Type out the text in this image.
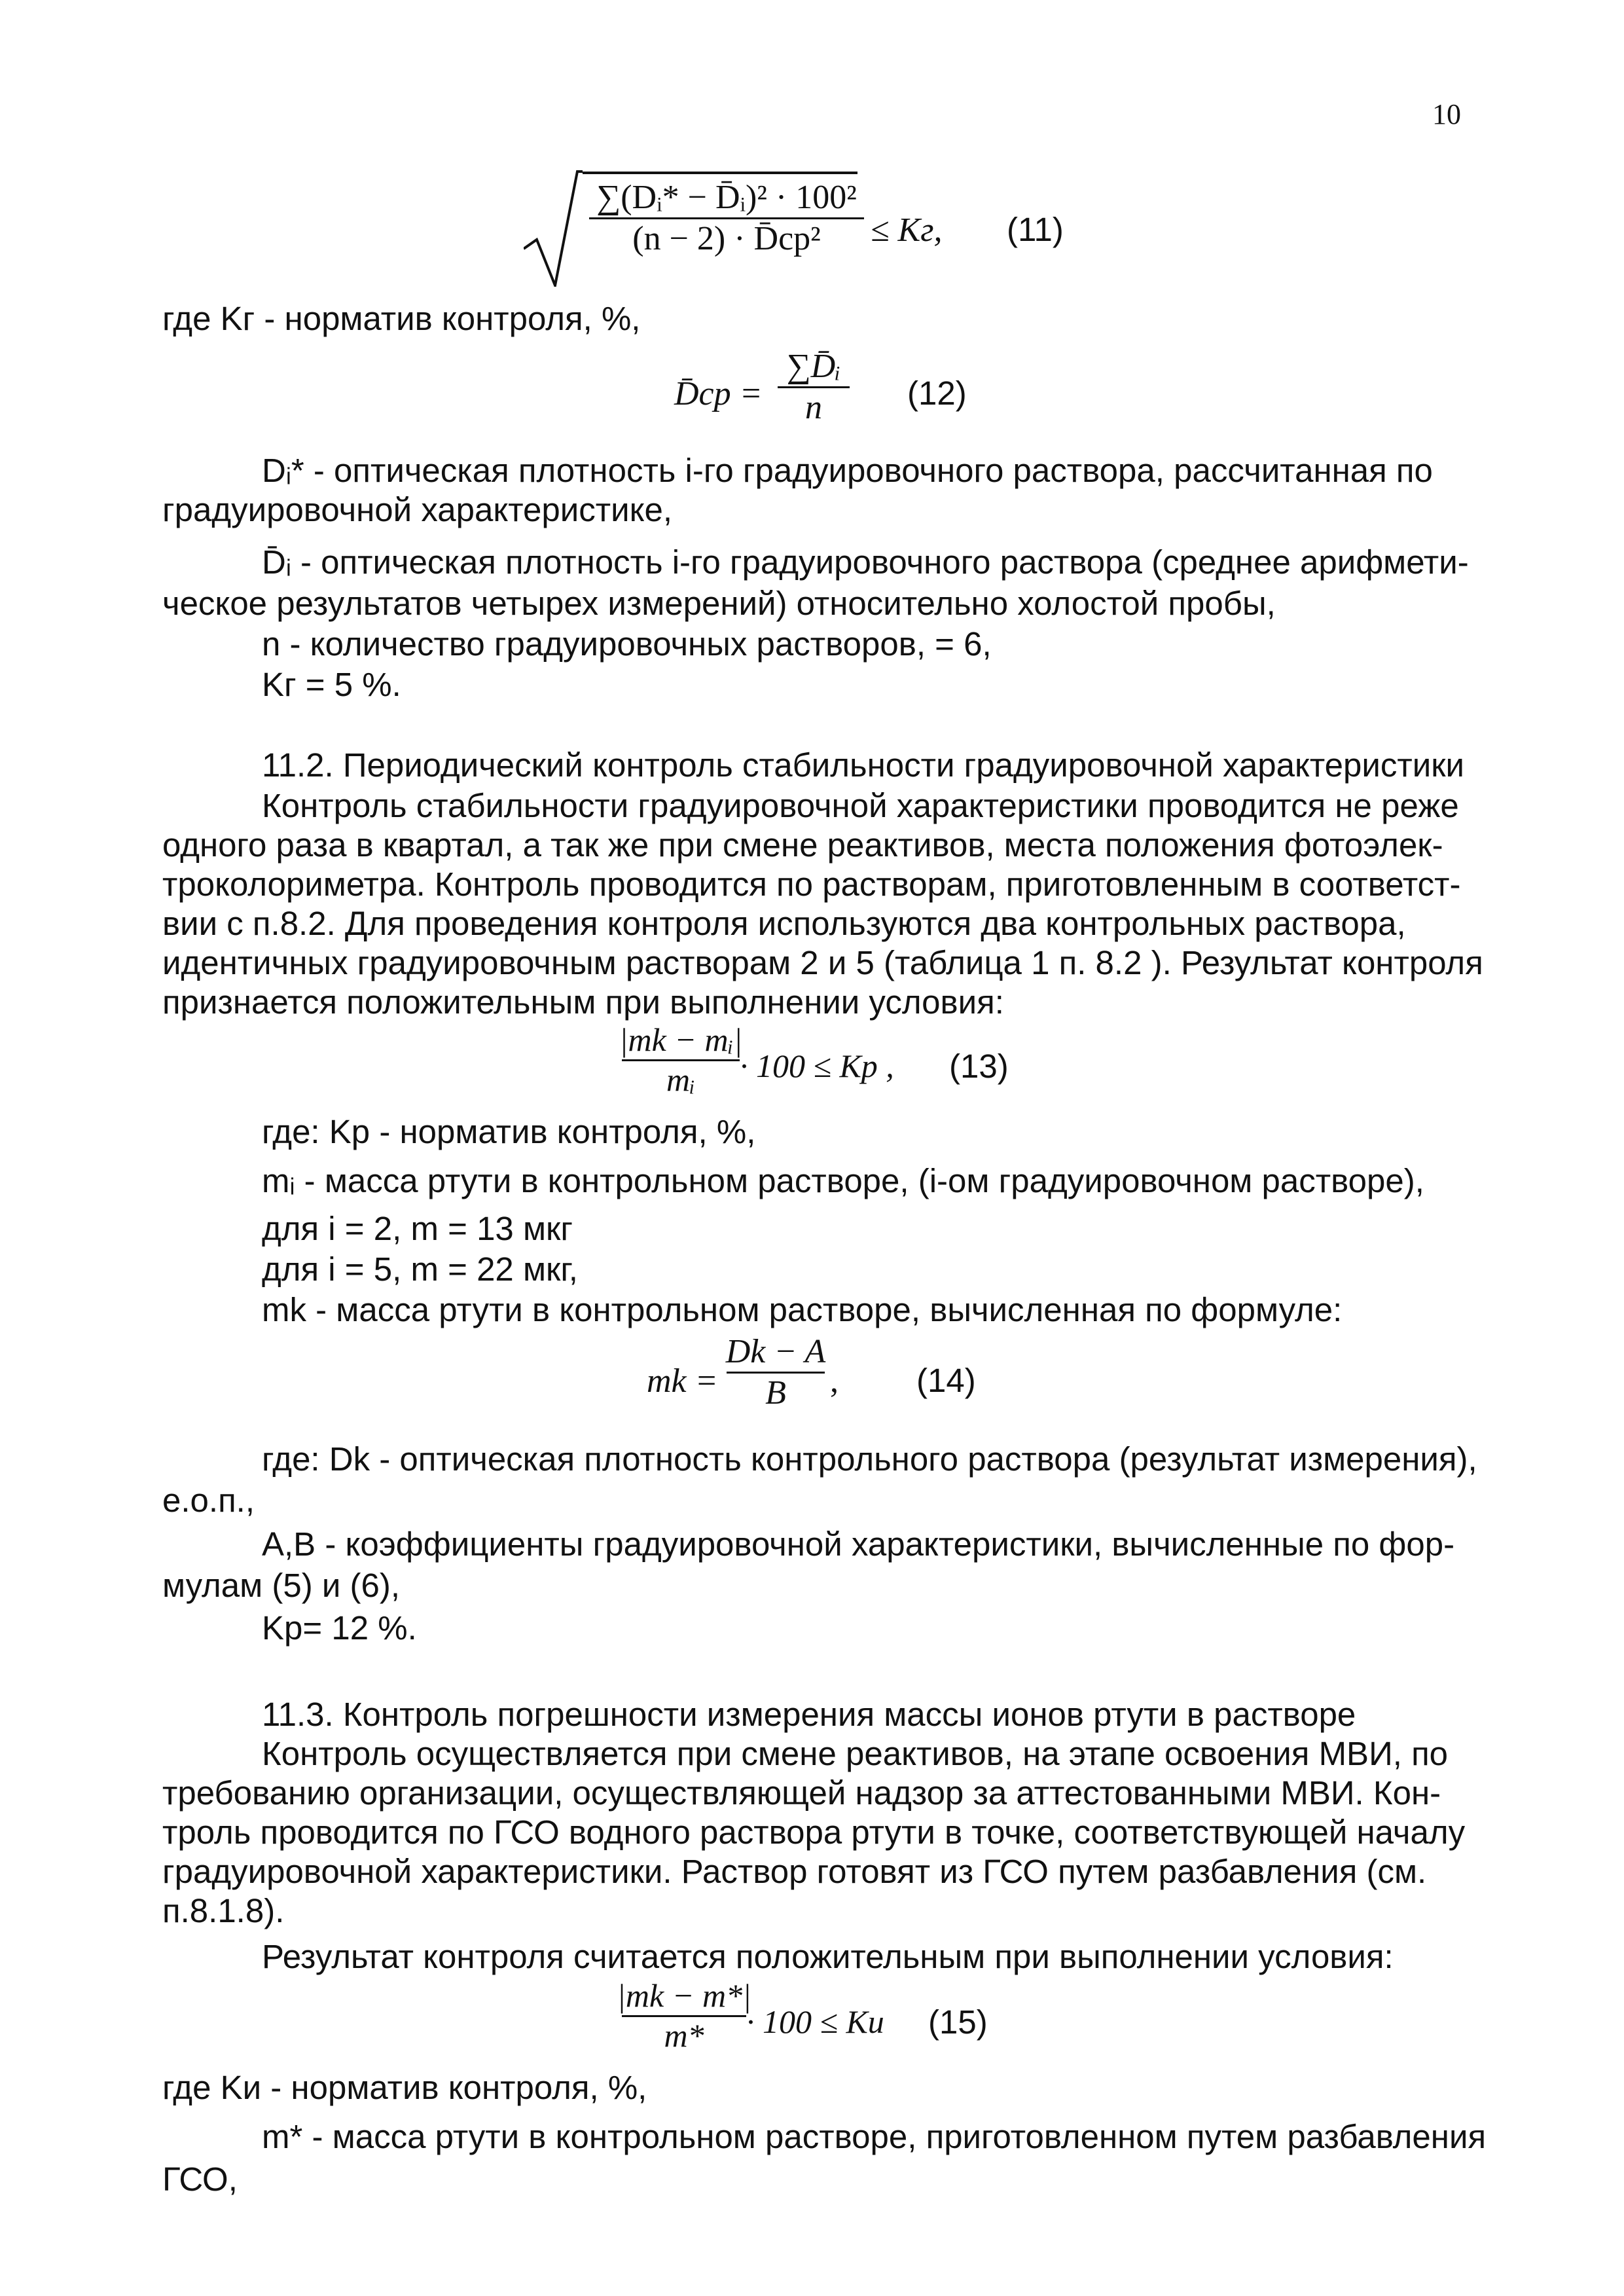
10
∑(Dᵢ* − D̄ᵢ)² · 100²
(n − 2) · D̄ср² ≤ Kг, (11)
где Kг - норматив контроля, %,
D̄ср =
∑D̄ᵢ
n	(12)
Dᵢ* - оптическая плотность i-го градуировочного раствора, рассчитанная по
градуировочной характеристике,
D̄ᵢ - оптическая плотность i-го градуировочного раствора (среднее арифмети-
ческое результатов четырех измерений) относительно холостой пробы,
n - количество градуировочных растворов, = 6,
Kг = 5 %.
11.2. Периодический контроль стабильности градуировочной характеристики
Контроль стабильности градуировочной характеристики проводится не реже
одного раза в квартал, а так же при смене реактивов, места положения фотоэлек-
троколориметра. Контроль проводится по растворам, приготовленным в соответст-
вии с п.8.2. Для проведения контроля используются два контрольных раствора,
идентичных градуировочным растворам 2 и 5 (таблица 1 п. 8.2 ). Результат контроля
признается положительным при выполнении условия:
|mk − mᵢ|
mᵢ · 100 ≤ Kp , (13)
где: Kp - норматив контроля, %,
mᵢ - масса ртути в контрольном растворе, (i-ом градуировочном растворе),
для i = 2, m = 13 мкг
для i = 5, m = 22 мкг,
mk - масса ртути в контрольном растворе, вычисленная по формуле:
mk =
Dk − A
B , (14)
где: Dk - оптическая плотность контрольного раствора (результат измерения),
е.о.п.,
A,B - коэффициенты градуировочной характеристики, вычисленные по фор-
мулам (5) и (6),
Kp= 12 %.
11.3. Контроль погрешности измерения массы ионов ртути в растворе
Контроль осуществляется при смене реактивов, на этапе освоения МВИ, по
требованию организации, осуществляющей надзор за аттестованными МВИ. Кон-
троль проводится по ГСО водного раствора ртути в точке, соответствующей началу
градуировочной характеристики. Раствор готовят из ГСО путем разбавления (см.
п.8.1.8).
Результат контроля считается положительным при выполнении условия:
|mk − m*|
m* · 100 ≤ Kи (15)
где Kи - норматив контроля, %,
m* - масса ртути в контрольном растворе, приготовленном путем разбавления
ГСО,
